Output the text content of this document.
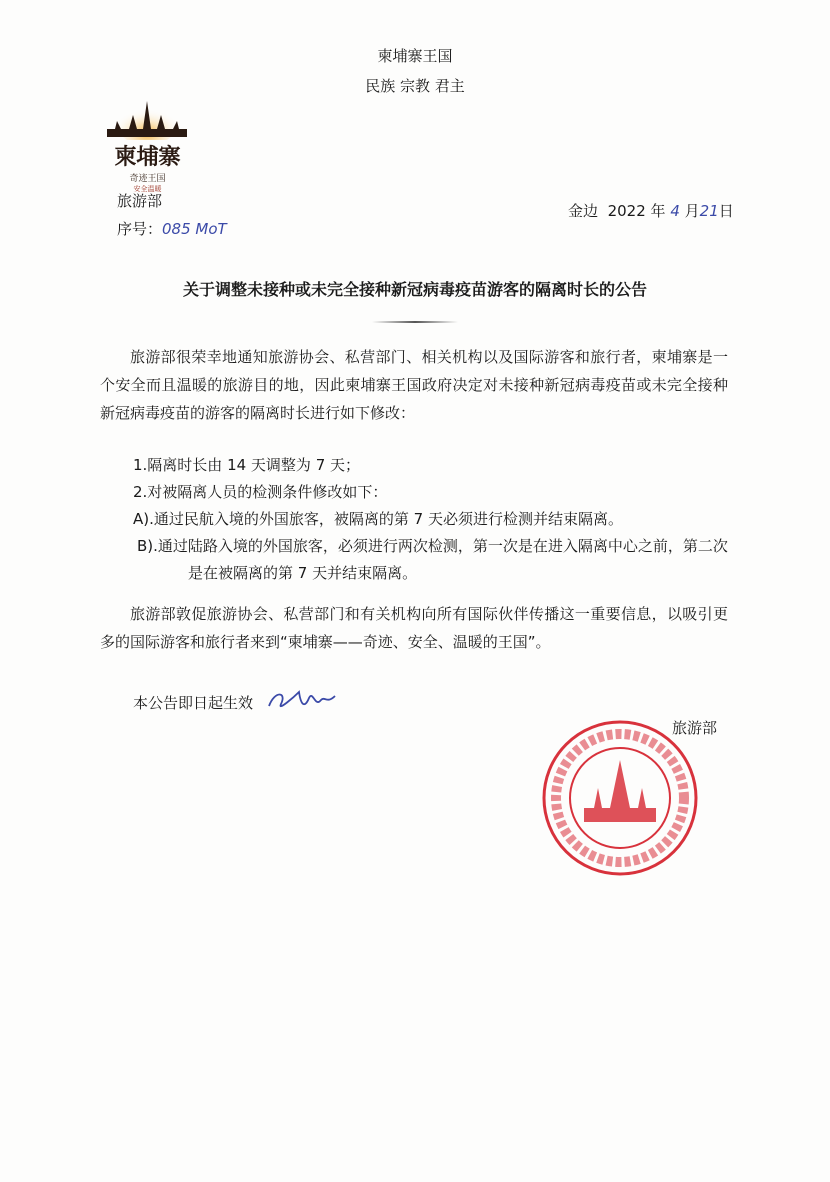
柬埔寨王国
民族 宗教 君主
柬埔寨
奇迹王国
安全温暖
旅游部
序号：085 MoT
金边 2022 年 4 月21日
关于调整未接种或未完全接种新冠病毒疫苗游客的隔离时长的公告
旅游部很荣幸地通知旅游协会、私营部门、相关机构以及国际游客和旅行者，柬埔寨是一个安全而且温暖的旅游目的地，因此柬埔寨王国政府决定对未接种新冠病毒疫苗或未完全接种新冠病毒疫苗的游客的隔离时长进行如下修改：
1.隔离时长由 14 天调整为 7 天；
2.对被隔离人员的检测条件修改如下：
A).通过民航入境的外国旅客，被隔离的第 7 天必须进行检测并结束隔离。
B).通过陆路入境的外国旅客，必须进行两次检测，第一次是在进入隔离中心之前，第二次
是在被隔离的第 7 天并结束隔离。
旅游部敦促旅游协会、私营部门和有关机构向所有国际伙伴传播这一重要信息，以吸引更多的国际游客和旅行者来到“柬埔寨——奇迹、安全、温暖的王国”。
本公告即日起生效
旅游部
